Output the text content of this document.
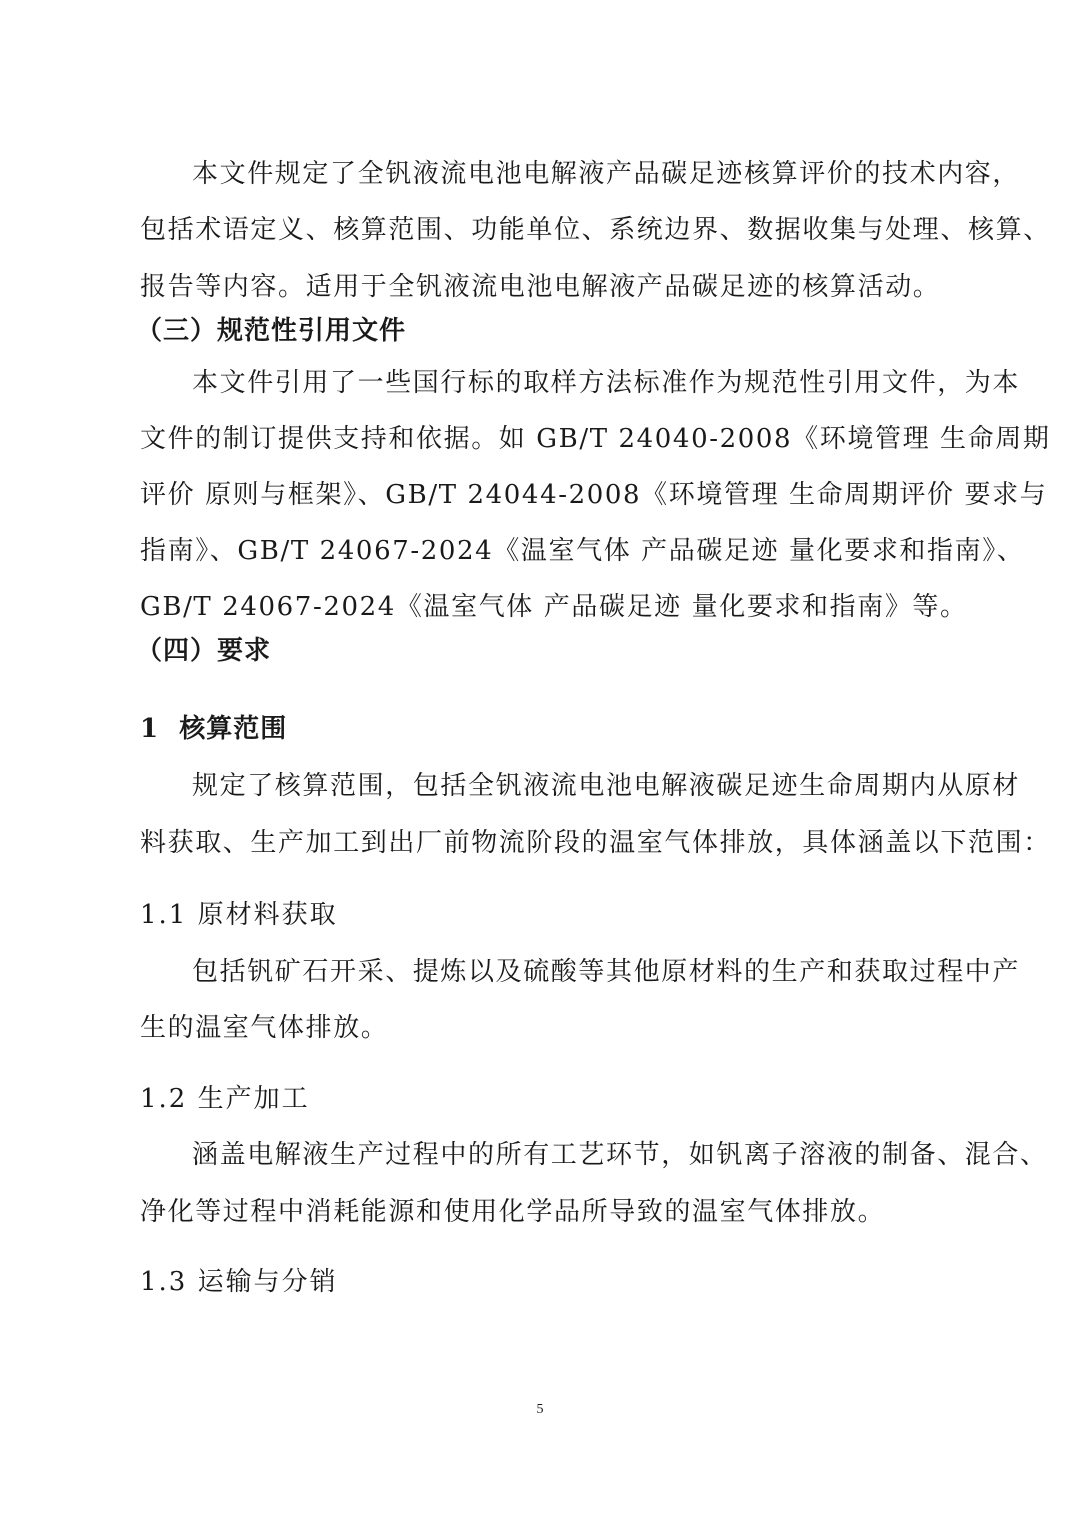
本文件规定了全钒液流电池电解液产品碳足迹核算评价的技术内容，
包括术语定义、核算范围、功能单位、系统边界、数据收集与处理、核算、
报告等内容。适用于全钒液流电池电解液产品碳足迹的核算活动。
（三）规范性引用文件
本文件引用了一些国行标的取样方法标准作为规范性引用文件，为本
文件的制订提供支持和依据。如 GB/T 24040-2008《环境管理 生命周期
评价 原则与框架》、GB/T 24044-2008《环境管理 生命周期评价 要求与
指南》、GB/T 24067-2024《温室气体 产品碳足迹 量化要求和指南》、
GB/T 24067-2024《温室气体 产品碳足迹 量化要求和指南》等。
（四）要求
1  核算范围
规定了核算范围，包括全钒液流电池电解液碳足迹生命周期内从原材
料获取、生产加工到出厂前物流阶段的温室气体排放，具体涵盖以下范围：
1.1 原材料获取
包括钒矿石开采、提炼以及硫酸等其他原材料的生产和获取过程中产
生的温室气体排放。
1.2 生产加工
涵盖电解液生产过程中的所有工艺环节，如钒离子溶液的制备、混合、
净化等过程中消耗能源和使用化学品所导致的温室气体排放。
1.3 运输与分销
5
